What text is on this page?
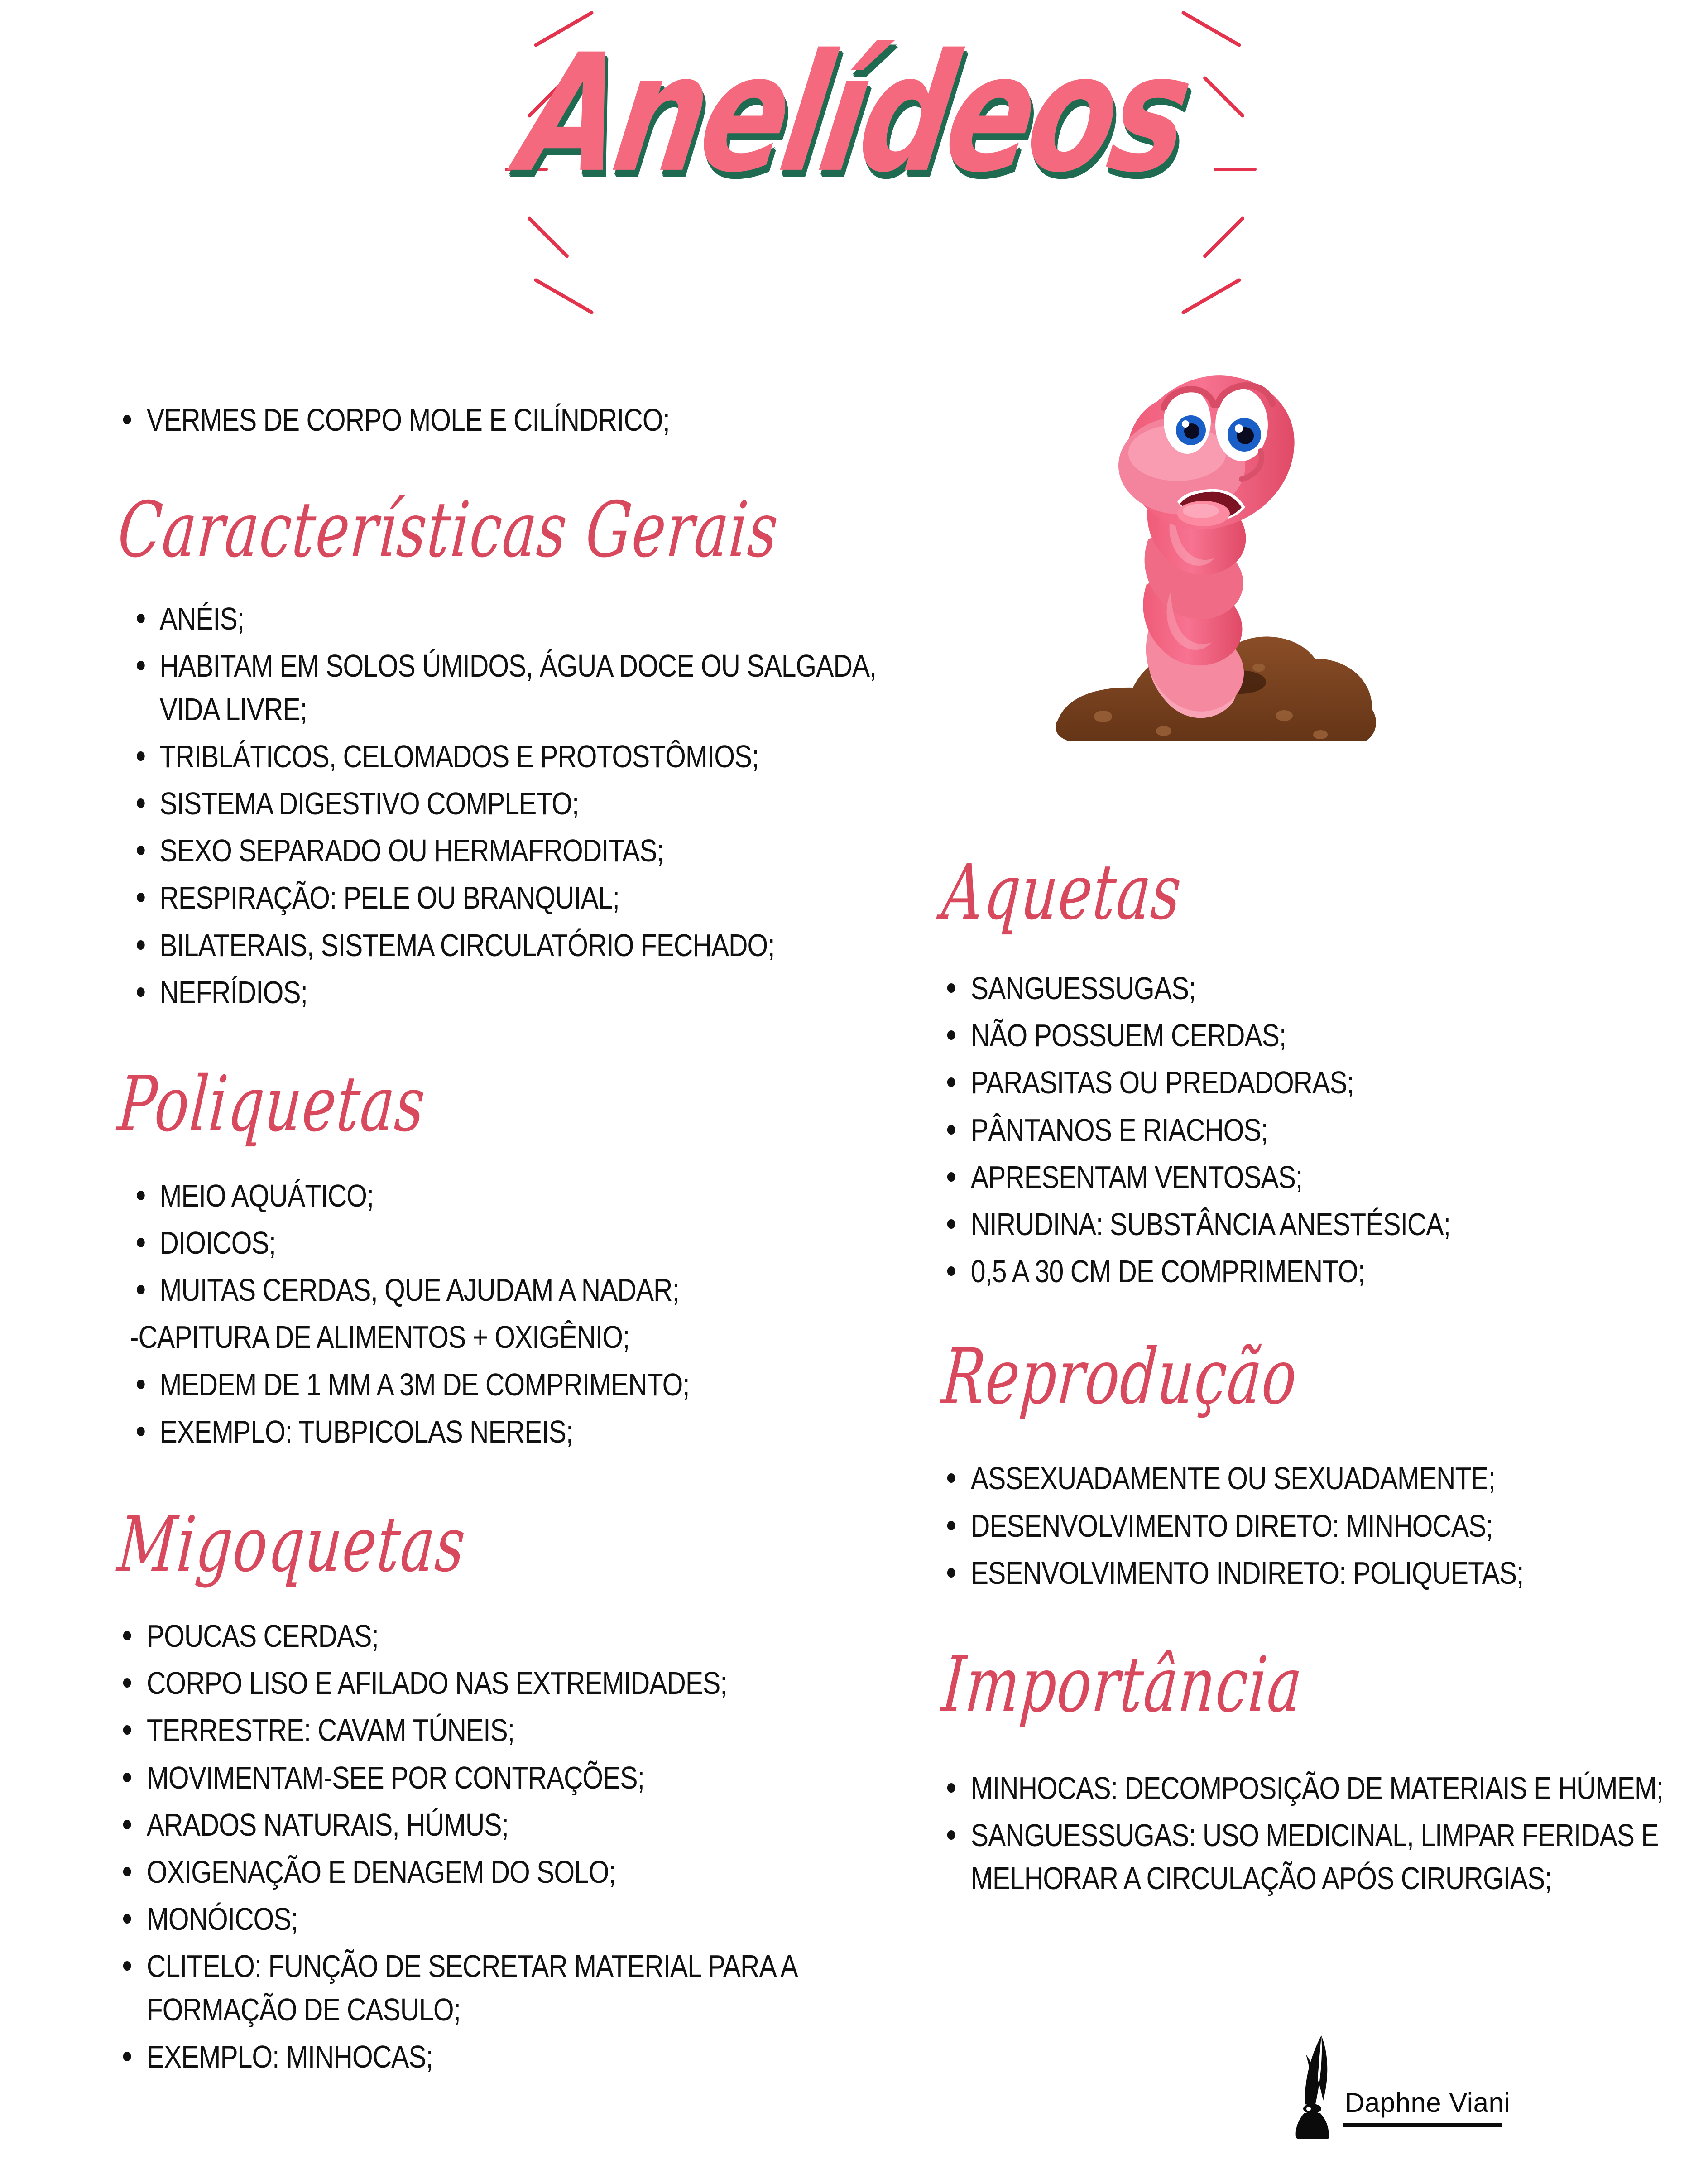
Anelídeos
VERMES DE CORPO MOLE E CILÍNDRICO;
Características Gerais
ANÉIS;
HABITAM EM SOLOS ÚMIDOS, ÁGUA DOCE OU SALGADA, VIDA LIVRE;
TRIBLÁTICOS, CELOMADOS E PROTOSTÔMIOS;
SISTEMA DIGESTIVO COMPLETO;
SEXO SEPARADO OU HERMAFRODITAS;
RESPIRAÇÃO: PELE OU BRANQUIAL;
BILATERAIS, SISTEMA CIRCULATÓRIO FECHADO;
NEFRÍDIOS;
Poliquetas
MEIO AQUÁTICO;
DIOICOS;
MUITAS CERDAS, QUE AJUDAM A NADAR;
-CAPITURA DE ALIMENTOS + OXIGÊNIO;
MEDEM DE 1 MM A 3M DE COMPRIMENTO;
EXEMPLO: TUBPICOLAS NEREIS;
Migoquetas
POUCAS CERDAS;
CORPO LISO E AFILADO NAS EXTREMIDADES;
TERRESTRE: CAVAM TÚNEIS;
MOVIMENTAM-SEE POR CONTRAÇÕES;
ARADOS NATURAIS, HÚMUS;
OXIGENAÇÃO E DENAGEM DO SOLO;
MONÓICOS;
CLITELO: FUNÇÃO DE SECRETAR MATERIAL PARA A FORMAÇÃO DE CASULO;
EXEMPLO: MINHOCAS;
Aquetas
SANGUESSUGAS;
NÃO POSSUEM CERDAS;
PARASITAS OU PREDADORAS;
PÂNTANOS E RIACHOS;
APRESENTAM VENTOSAS;
NIRUDINA: SUBSTÂNCIA ANESTÉSICA;
0,5 A 30 CM DE COMPRIMENTO;
Reprodução
ASSEXUADAMENTE OU SEXUADAMENTE;
DESENVOLVIMENTO DIRETO: MINHOCAS;
ESENVOLVIMENTO INDIRETO: POLIQUETAS;
Importância
MINHOCAS: DECOMPOSIÇÃO DE MATERIAIS E HÚMEM;
SANGUESSUGAS: USO MEDICINAL, LIMPAR FERIDAS E MELHORAR A CIRCULAÇÃO APÓS CIRURGIAS;
Daphne Viani
